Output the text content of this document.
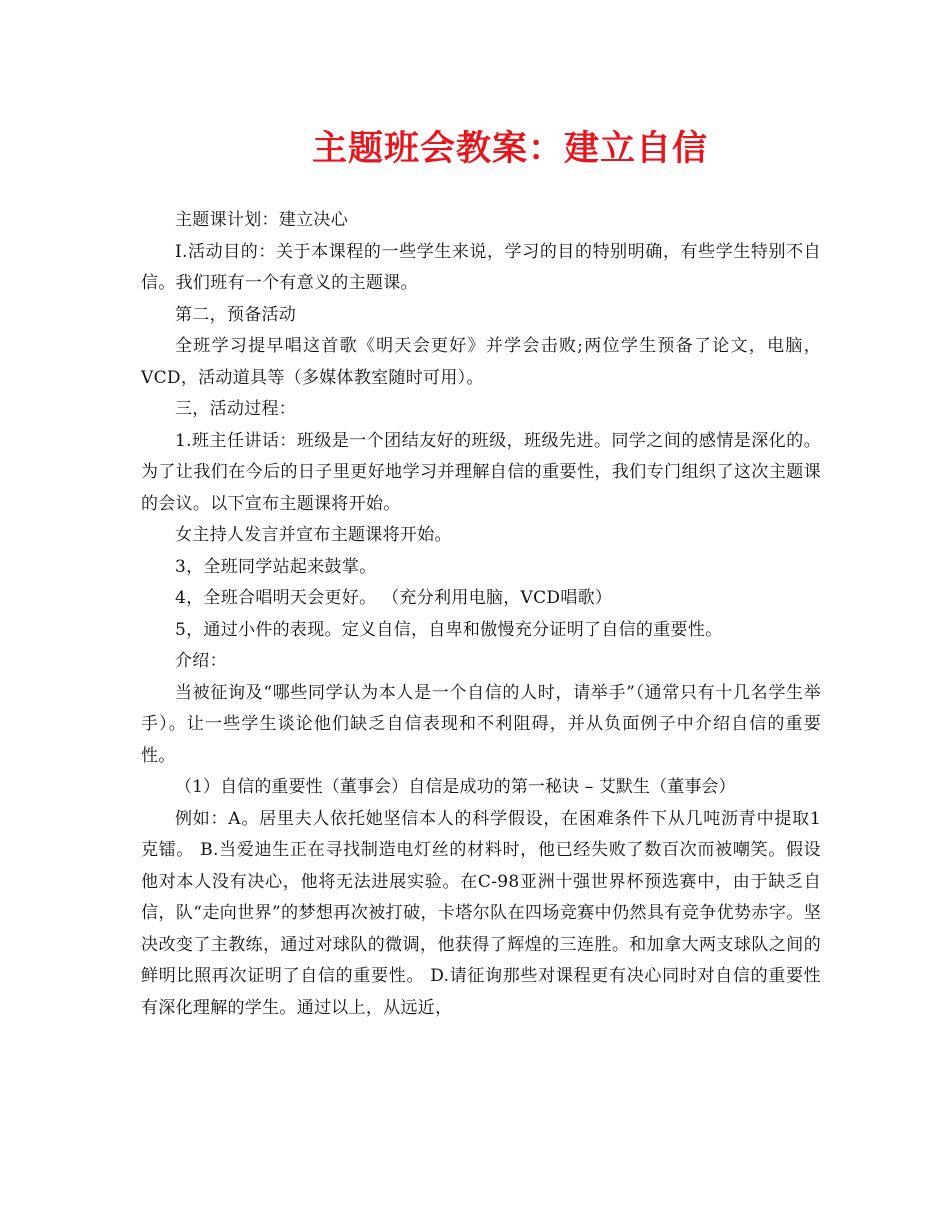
主题班会教案：建立自信

主题课计划：建立决心

I.活动目的：关于本课程的一些学生来说，学习的目的特别明确，有些学生特别不自信。我们班有一个有意义的主题课。

第二，预备活动

全班学习提早唱这首歌《明天会更好》并学会击败;两位学生预备了论文，电脑，VCD，活动道具等（多媒体教室随时可用）。

三，活动过程：

1.班主任讲话：班级是一个团结友好的班级，班级先进。同学之间的感情是深化的。为了让我们在今后的日子里更好地学习并理解自信的重要性，我们专门组织了这次主题课的会议。以下宣布主题课将开始。

女主持人发言并宣布主题课将开始。

3，全班同学站起来鼓掌。

4，全班合唱明天会更好。 （充分利用电脑，VCD唱歌）

5，通过小件的表现。定义自信，自卑和傲慢充分证明了自信的重要性。

介绍：

当被征询及“哪些同学认为本人是一个自信的人时，请举手”（通常只有十几名学生举手）。让一些学生谈论他们缺乏自信表现和不利阻碍，并从负面例子中介绍自信的重要性。

（1）自信的重要性（董事会）自信是成功的第一秘诀 – 艾默生（董事会）

例如：A。居里夫人依托她坚信本人的科学假设，在困难条件下从几吨沥青中提取1克镭。 B.当爱迪生正在寻找制造电灯丝的材料时，他已经失败了数百次而被嘲笑。假设他对本人没有决心，他将无法进展实验。在C-98亚洲十强世界杯预选赛中，由于缺乏自信，队“走向世界”的梦想再次被打破，卡塔尔队在四场竞赛中仍然具有竞争优势赤字。坚决改变了主教练，通过对球队的微调，他获得了辉煌的三连胜。和加拿大两支球队之间的鲜明比照再次证明了自信的重要性。 D.请征询那些对课程更有决心同时对自信的重要性有深化理解的学生。通过以上，从远近，
